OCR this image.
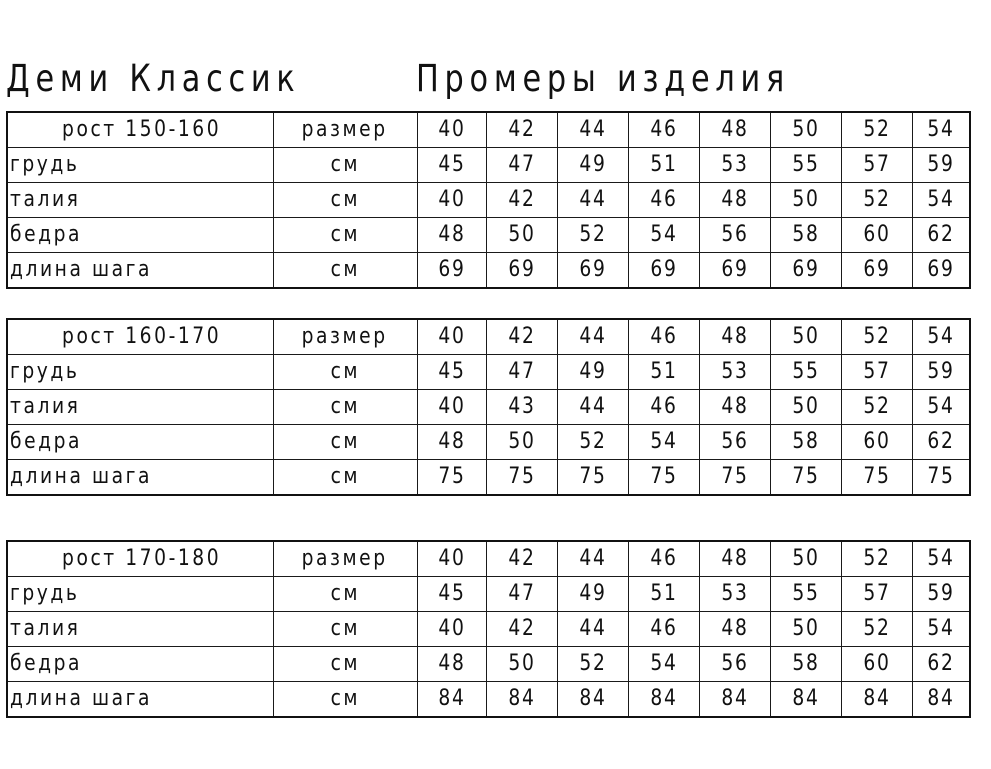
Деми Классик	Промеры изделия
рост 150-160	размер	40	42	44	46	48	50	52	54
грудь	см	45	47	49	51	53	55	57	59
талия	см	40	42	44	46	48	50	52	54
бедра	см	48	50	52	54	56	58	60	62
длина шага	см	69	69	69	69	69	69	69	69
рост 160-170	размер	40	42	44	46	48	50	52	54
грудь	см	45	47	49	51	53	55	57	59
талия	см	40	43	44	46	48	50	52	54
бедра	см	48	50	52	54	56	58	60	62
длина шага	см	75	75	75	75	75	75	75	75
рост 170-180	размер	40	42	44	46	48	50	52	54
грудь	см	45	47	49	51	53	55	57	59
талия	см	40	42	44	46	48	50	52	54
бедра	см	48	50	52	54	56	58	60	62
длина шага	см	84	84	84	84	84	84	84	84
